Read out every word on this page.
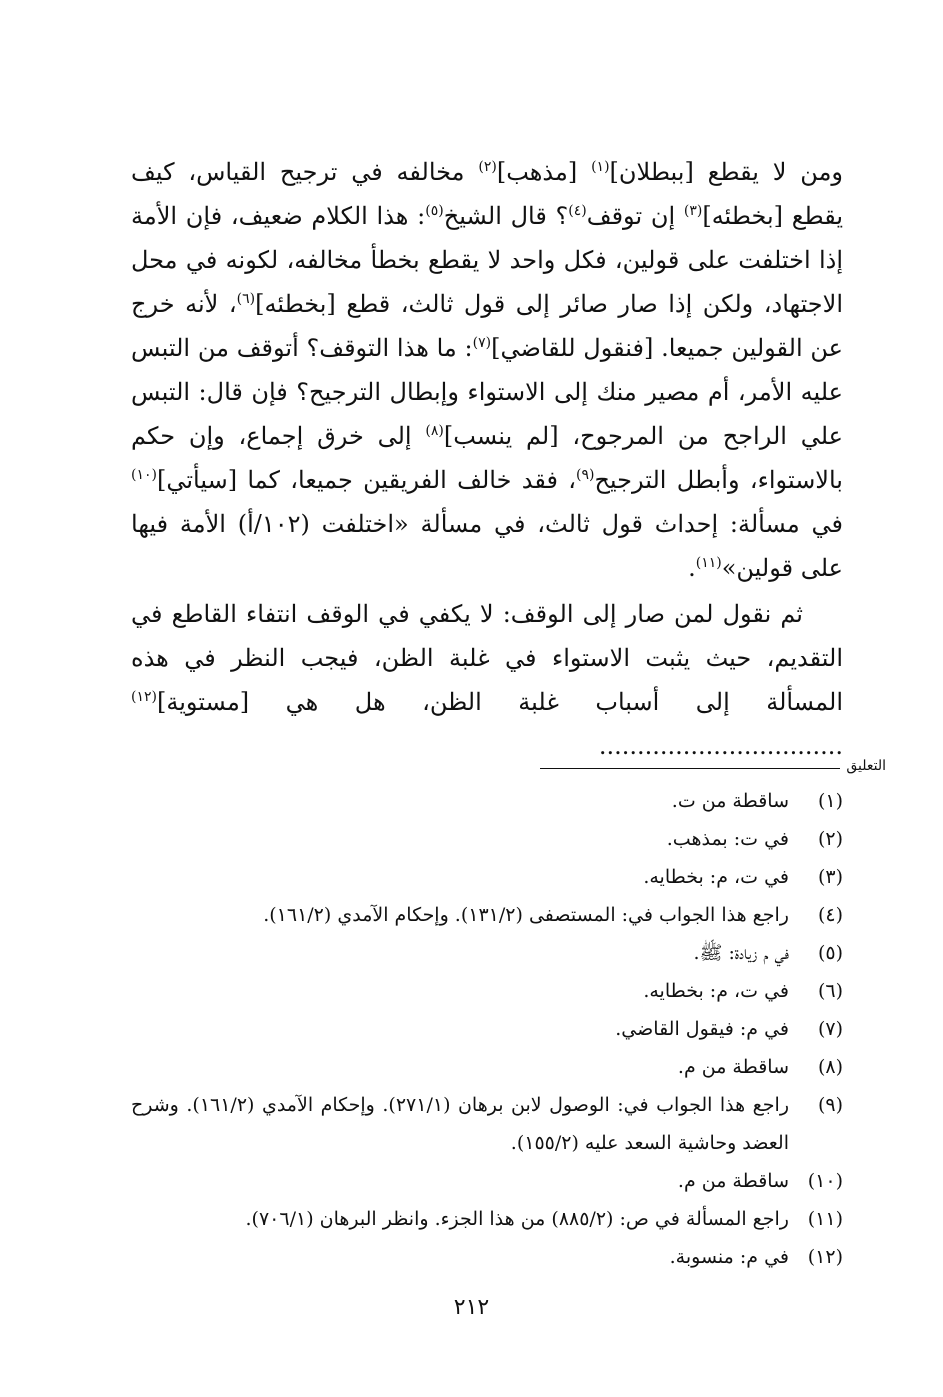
ومن لا يقطع [ببطلان]$^{(١)}$ [مذهب]$^{(٢)}$ مخالفه في ترجيح القياس، كيف يقطع [بخطئه]$^{(٣)}$ إن توقف$^{(٤)}$؟ قال الشيخ$^{(٥)}$: هذا الكلام ضعيف، فإن الأمة إذا اختلفت على قولين، فكل واحد لا يقطع بخطأ مخالفه، لكونه في محل الاجتهاد، ولكن إذا صار صائر إلى قول ثالث، قطع [بخطئه]$^{(٦)}$، لأنه خرج عن القولين جميعا. [فنقول للقاضي]$^{(٧)}$: ما هذا التوقف؟ أتوقف من التبس عليه الأمر، أم مصير منك إلى الاستواء وإبطال الترجيح؟ فإن قال: التبس علي الراجح من المرجوح، [لم ينسب]$^{(٨)}$ إلى خرق إجماع، وإن حكم بالاستواء، وأبطل الترجيح$^{(٩)}$، فقد خالف الفريقين جميعا، كما [سيأتي]$^{(١٠)}$ في مسألة: إحداث قول ثالث، في مسألة «اختلفت (١٠٢/أ) الأمة فيها على قولين»$^{(١١)}$.

ثم نقول لمن صار إلى الوقف: لا يكفي في الوقف انتفاء القاطع في التقديم، حيث يثبت الاستواء في غلبة الظن، فيجب النظر في هذه المسألة إلى أسباب غلبة الظن، هل هي [مستوية]$^{(١٢)}$ ................................

التعليق
(١)
ساقطة من ت.
(٢)
في ت: بمذهب.
(٣)
في ت، م: بخطايه.
(٤)
راجع هذا الجواب في: المستصفى (١٣١/٢). وإحكام الآمدي (١٦١/٢).
(٥)
في م زيادة: ﷺ.
(٦)
في ت، م: بخطايه.
(٧)
في م: فيقول القاضي.
(٨)
ساقطة من م.
(٩)
راجع هذا الجواب في: الوصول لابن برهان (٢٧١/١). وإحكام الآمدي (١٦١/٢). وشرح العضد وحاشية السعد عليه (١٥٥/٢).
(١٠)
ساقطة من م.
(١١)
راجع المسألة في ص: (٨٨٥/٢) من هذا الجزء. وانظر البرهان (٧٠٦/١).
(١٢)
في م: منسوبة.
٢١٢
